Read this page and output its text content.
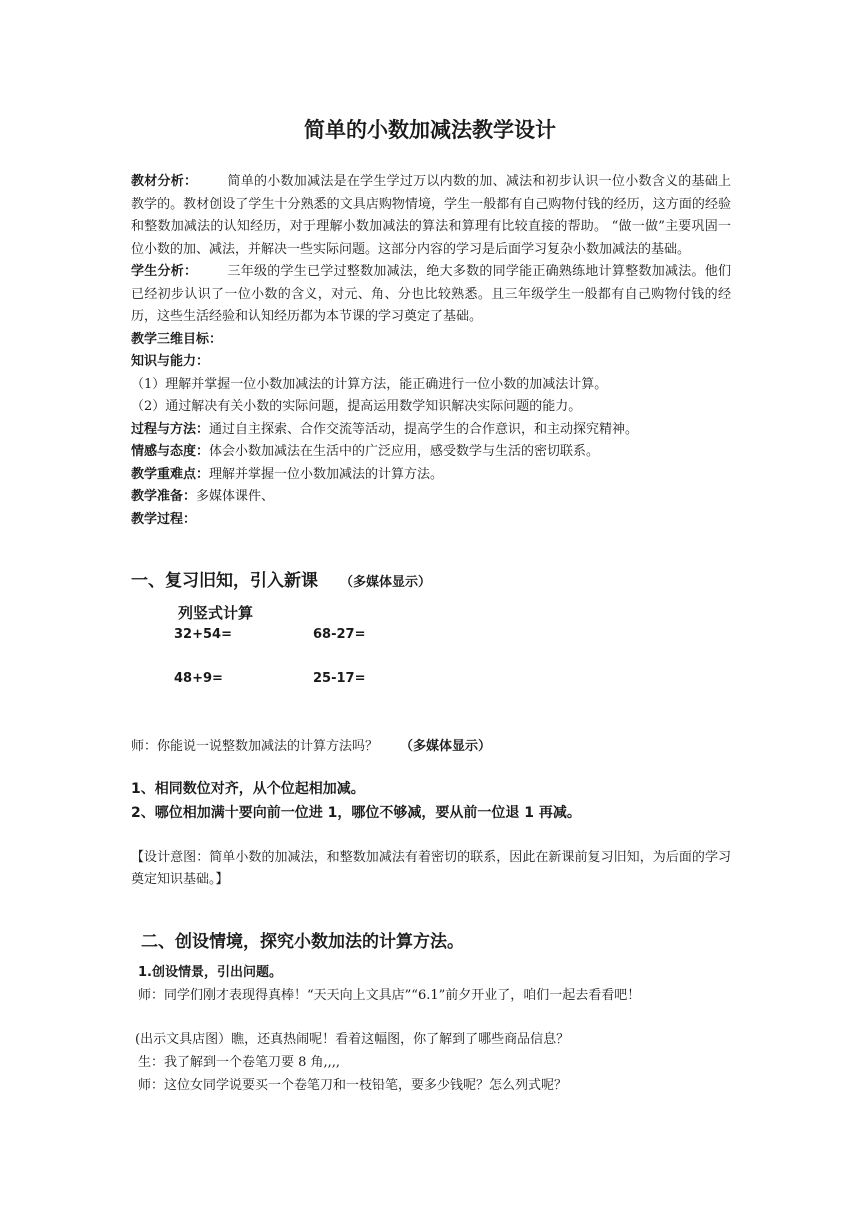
简单的小数加减法教学设计

教材分析： 简单的小数加减法是在学生学过万以内数的加、减法和初步认识一位小数含义的基础上教学的。教材创设了学生十分熟悉的文具店购物情境，学生一般都有自己购物付钱的经历，这方面的经验和整数加减法的认知经历，对于理解小数加减法的算法和算理有比较直接的帮助。 “做一做”主要巩固一位小数的加、减法，并解决一些实际问题。这部分内容的学习是后面学习复杂小数加减法的基础。

学生分析： 三年级的学生已学过整数加减法，绝大多数的同学能正确熟练地计算整数加减法。他们已经初步认识了一位小数的含义，对元、角、分也比较熟悉。且三年级学生一般都有自己购物付钱的经历，这些生活经验和认知经历都为本节课的学习奠定了基础。

教学三维目标：

知识与能力：

（1）理解并掌握一位小数加减法的计算方法，能正确进行一位小数的加减法计算。

（2）通过解决有关小数的实际问题，提高运用数学知识解决实际问题的能力。

过程与方法：通过自主探索、合作交流等活动，提高学生的合作意识，和主动探究精神。

情感与态度：体会小数加减法在生活中的广泛应用，感受数学与生活的密切联系。

教学重难点：理解并掌握一位小数加减法的计算方法。

教学准备：多媒体课件、

教学过程：

一、复习旧知，引入新课 （多媒体显示）
列竖式计算
32+54=	68-27=
48+9=	25-17=
师：你能说一说整数加减法的计算方法吗？ （多媒体显示）
1、相同数位对齐，从个位起相加减。
2、哪位相加满十要向前一位进 1，哪位不够减，要从前一位退 1 再减。
【设计意图：简单小数的加减法，和整数加减法有着密切的联系，因此在新课前复习旧知，为后面的学习奠定知识基础。】
二、创设情境，探究小数加法的计算方法。
1.创设情景，引出问题。
师：同学们刚才表现得真棒！“天天向上文具店”“6.1”前夕开业了，咱们一起去看看吧！
(出示文具店图）瞧，还真热闹呢！看着这幅图，你了解到了哪些商品信息？
生：我了解到一个卷笔刀要 8 角,,,,
师：这位女同学说要买一个卷笔刀和一枝铅笔，要多少钱呢？怎么列式呢？
